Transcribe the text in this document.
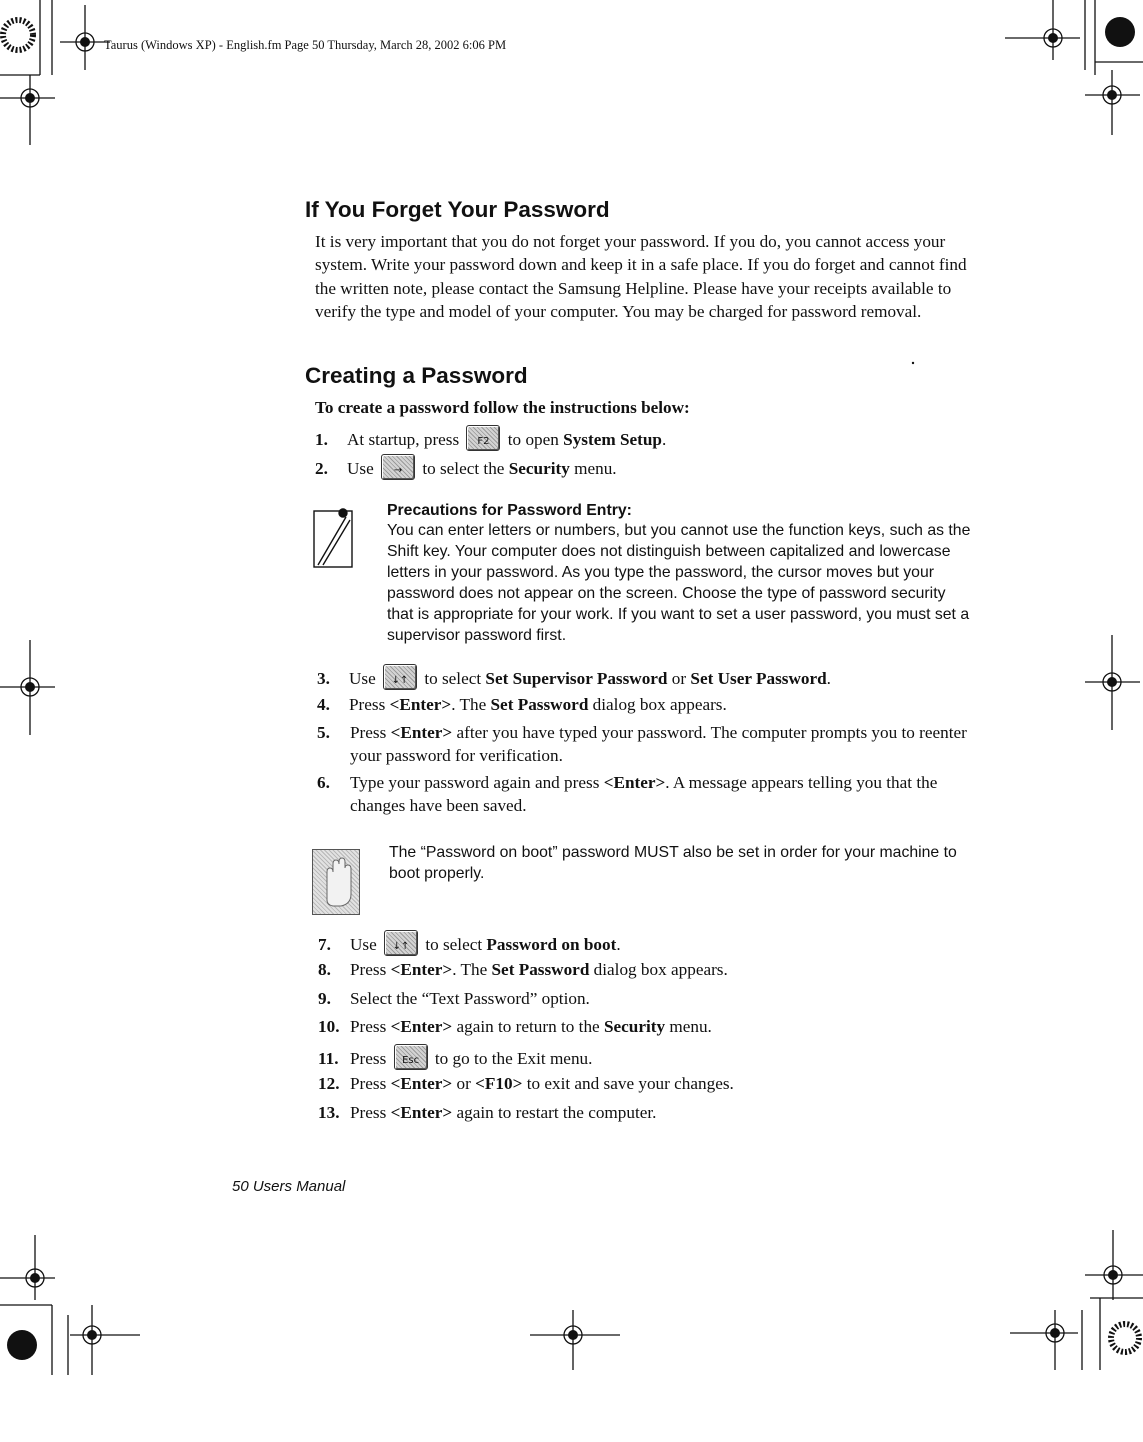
Taurus (Windows XP) - English.fm Page 50 Thursday, March 28, 2002 6:06 PM
If You Forget Your Password
It is very important that you do not forget your password. If you do, you cannot access your system. Write your password down and keep it in a safe place. If you do forget and cannot find the written note, please contact the Samsung Helpline. Please have your receipts available to verify the type and model of your computer. You may be charged for password removal.
Creating a Password
To create a password follow the instructions below:
1. At startup, press	F2	to open System Setup.
2. Use	→	to select the Security menu.
Precautions for Password Entry:
You can enter letters or numbers, but you cannot use the function keys, such as the Shift key. Your computer does not distinguish between capitalized and lowercase letters in your password. As you type the password, the cursor moves but your password does not appear on the screen. Choose the type of password security that is appropriate for your work. If you want to set a user password, you must set a supervisor password first.
3. Use	↓↑ to select Set Supervisor Password or Set User Password.
4. Press <Enter>. The Set Password dialog box appears.
5. Press <Enter> after you have typed your password. The computer prompts you to reenter your password for verification.
6. Type your password again and press <Enter>. A message appears telling you that the changes have been saved.
The “Password on boot” password MUST also be set in order for your machine to boot properly.
7. Use	↓↑ to select Password on boot.
8. Press <Enter>. The Set Password dialog box appears.
9. Select the “Text Password” option.
10. Press <Enter> again to return to the Security menu.
11. Press	Esc to go to the Exit menu.
12. Press <Enter> or <F10> to exit and save your changes.
13. Press <Enter> again to restart the computer.
50 Users Manual
